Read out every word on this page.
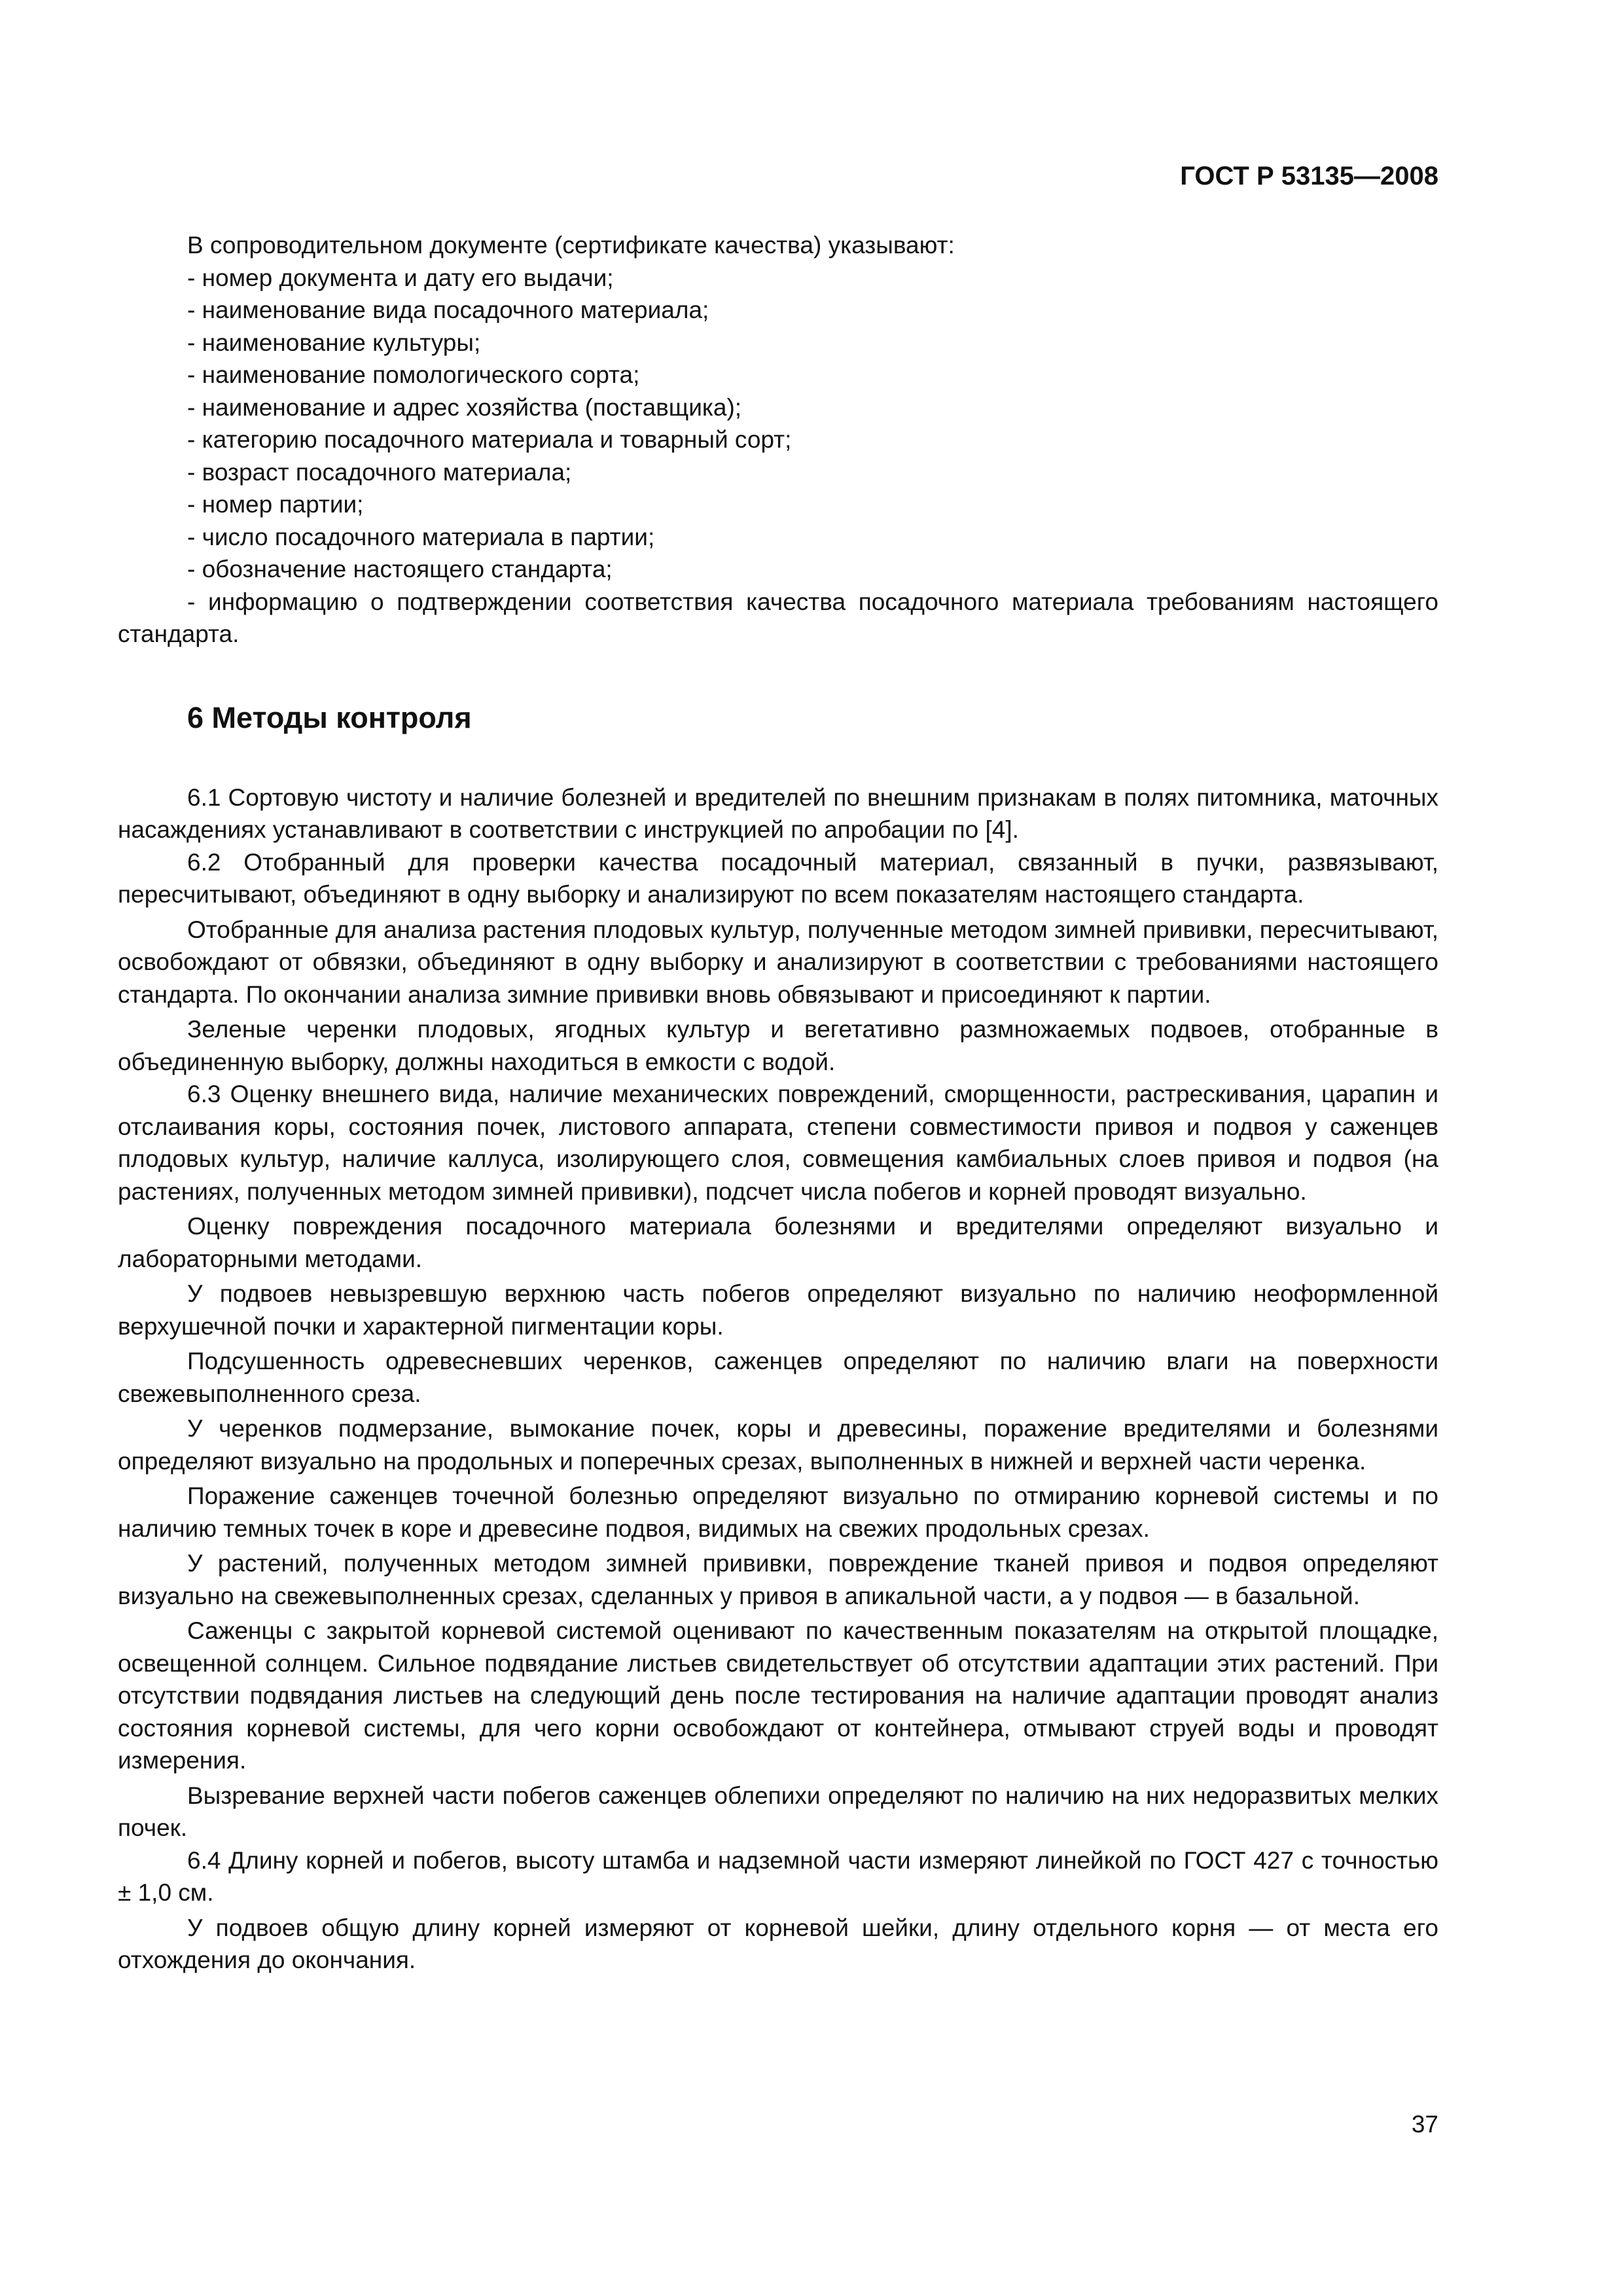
ГОСТ Р 53135—2008

В сопроводительном документе (сертификате качества) указывают:

- номер документа и дату его выдачи;
- наименование вида посадочного материала;
- наименование культуры;
- наименование помологического сорта;
- наименование и адрес хозяйства (поставщика);
- категорию посадочного материала и товарный сорт;
- возраст посадочного материала;
- номер партии;
- число посадочного материала в партии;
- обозначение настоящего стандарта;
- информацию о подтверждении соответствия качества посадочного материала требованиям настоящего стандарта.
6 Методы контроля

6.1 Сортовую чистоту и наличие болезней и вредителей по внешним признакам в полях питомника, маточных насаждениях устанавливают в соответствии с инструкцией по апробации по [4].

6.2 Отобранный для проверки качества посадочный материал, связанный в пучки, развязывают, пересчитывают, объединяют в одну выборку и анализируют по всем показателям настоящего стандарта.

Отобранные для анализа растения плодовых культур, полученные методом зимней прививки, пересчитывают, освобождают от обвязки, объединяют в одну выборку и анализируют в соответствии с требованиями настоящего стандарта. По окончании анализа зимние прививки вновь обвязывают и присоединяют к партии.

Зеленые черенки плодовых, ягодных культур и вегетативно размножаемых подвоев, отобранные в объединенную выборку, должны находиться в емкости с водой.

6.3 Оценку внешнего вида, наличие механических повреждений, сморщенности, растрескивания, царапин и отслаивания коры, состояния почек, листового аппарата, степени совместимости привоя и подвоя у саженцев плодовых культур, наличие каллуса, изолирующего слоя, совмещения камбиальных слоев привоя и подвоя (на растениях, полученных методом зимней прививки), подсчет числа побегов и корней проводят визуально.

Оценку повреждения посадочного материала болезнями и вредителями определяют визуально и лабораторными методами.

У подвоев невызревшую верхнюю часть побегов определяют визуально по наличию неоформленной верхушечной почки и характерной пигментации коры.

Подсушенность одревесневших черенков, саженцев определяют по наличию влаги на поверхности свежевыполненного среза.

У черенков подмерзание, вымокание почек, коры и древесины, поражение вредителями и болезнями определяют визуально на продольных и поперечных срезах, выполненных в нижней и верхней части черенка.

Поражение саженцев точечной болезнью определяют визуально по отмиранию корневой системы и по наличию темных точек в коре и древесине подвоя, видимых на свежих продольных срезах.

У растений, полученных методом зимней прививки, повреждение тканей привоя и подвоя определяют визуально на свежевыполненных срезах, сделанных у привоя в апикальной части, а у подвоя — в базальной.

Саженцы с закрытой корневой системой оценивают по качественным показателям на открытой площадке, освещенной солнцем. Сильное подвядание листьев свидетельствует об отсутствии адаптации этих растений. При отсутствии подвядания листьев на следующий день после тестирования на наличие адаптации проводят анализ состояния корневой системы, для чего корни освобождают от контейнера, отмывают струей воды и проводят измерения.

Вызревание верхней части побегов саженцев облепихи определяют по наличию на них недоразвитых мелких почек.

6.4 Длину корней и побегов, высоту штамба и надземной части измеряют линейкой по ГОСТ 427 с точностью ± 1,0 см.

У подвоев общую длину корней измеряют от корневой шейки, длину отдельного корня — от места его отхождения до окончания.

37
